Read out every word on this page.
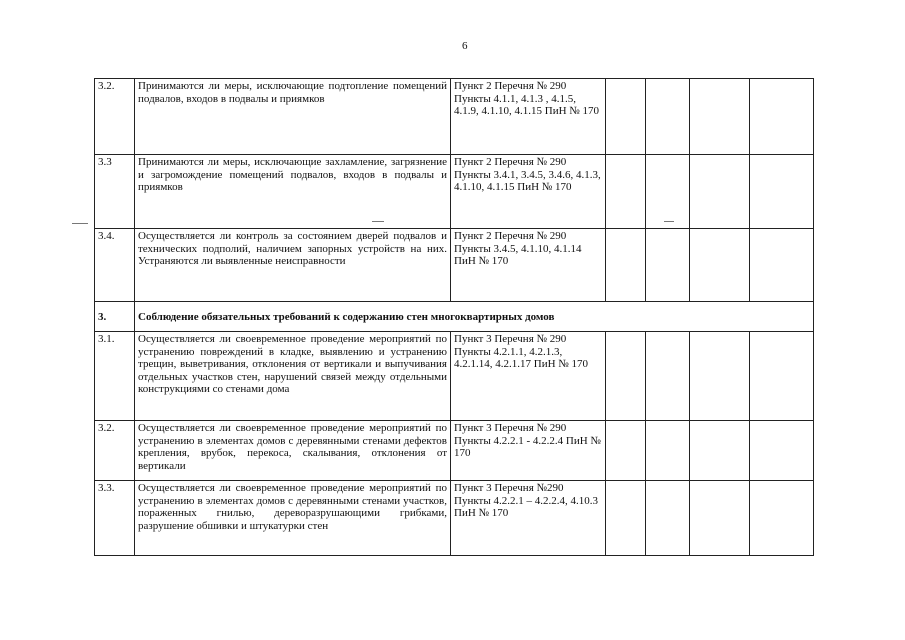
6
3.2.	Принимаются ли меры, исключающие подтопление помещений подвалов, входов в подвалы и приямков	Пункт 2 Перечня № 290 Пункты 4.1.1, 4.1.3 , 4.1.5, 4.1.9, 4.1.10, 4.1.15 ПиН № 170				
3.3	Принимаются ли меры, исключающие захламление, загрязнение и загромождение помещений подвалов, входов в подвалы и приямков	Пункт 2 Перечня № 290 Пункты 3.4.1, 3.4.5, 3.4.6, 4.1.3, 4.1.10, 4.1.15 ПиН № 170				
3.4.	Осуществляется ли контроль за состоянием дверей подвалов и технических подполий, наличием запорных устройств на них. Устраняются ли выявленные неисправности	Пункт 2 Перечня № 290 Пункты 3.4.5, 4.1.10, 4.1.14 ПиН № 170				
3.	Соблюдение обязательных требований к содержанию стен многоквартирных домов					
3.1.	Осуществляется ли своевременное проведение мероприятий по устранению повреждений в кладке, выявлению и устранению трещин, выветривания, отклонения от вертикали и выпучивания отдельных участков стен, нарушений связей между отдельными конструкциями со стенами дома	Пункт 3 Перечня № 290 Пункты 4.2.1.1, 4.2.1.3, 4.2.1.14, 4.2.1.17 ПиН № 170				
3.2.	Осуществляется ли своевременное проведение мероприятий по устранению в элементах домов с деревянными стенами дефектов крепления, врубок, перекоса, скалывания, отклонения от вертикали	Пункт 3 Перечня № 290 Пункты 4.2.2.1 - 4.2.2.4 ПиН № 170				
3.3.	Осуществляется ли своевременное проведение мероприятий по устранению в элементах домов с деревянными стенами участков, пораженных гнилью, дереворазрушающими грибками, разрушение обшивки и штукатурки стен	Пункт 3 Перечня №290 Пункты 4.2.2.1 – 4.2.2.4, 4.10.3 ПиН № 170				
